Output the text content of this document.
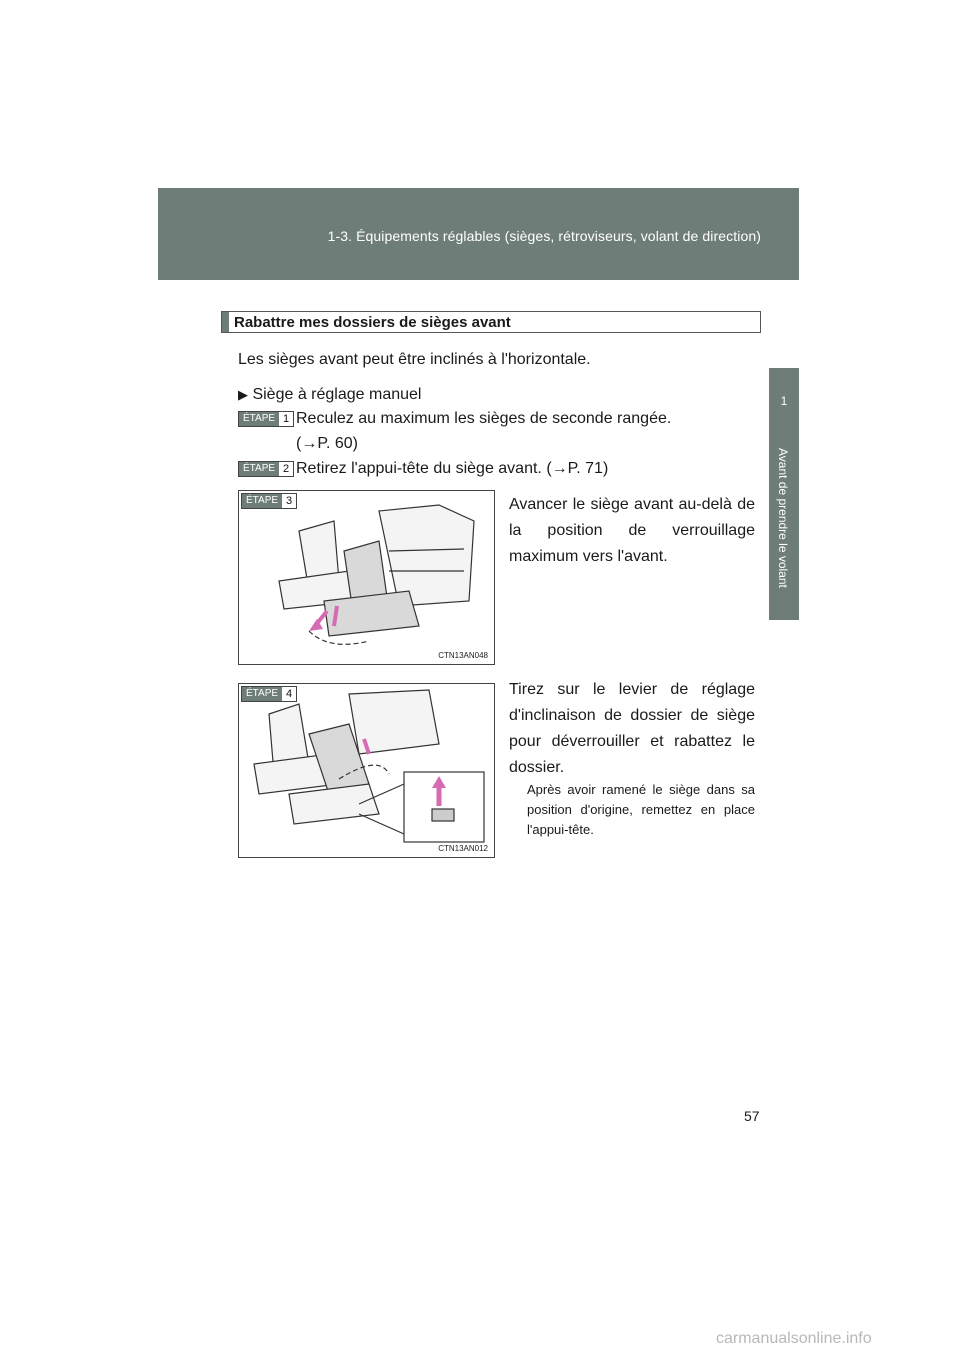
1-3. Équipements réglables (sièges, rétroviseurs, volant de direction)
1
Avant de prendre le volant
Rabattre mes dossiers de sièges avant
Les sièges avant peut être inclinés à l'horizontale.
▶ Siège à réglage manuel
ÉTAPE 1 Reculez au maximum les sièges de seconde rangée.
(→P. 60)
ÉTAPE 2 Retirez l'appui-tête du siège avant. (→P. 71)
ÉTAPE 3
CTN13AN048
Avancer le siège avant au-delà de la position de verrouillage maximum vers l'avant.
ÉTAPE 4
CTN13AN012
Tirez sur le levier de réglage d'inclinaison de dossier de siège pour déverrouiller et rabattez le dossier.
Après avoir ramené le siège dans sa position d'origine, remettez en place l'appui-tête.
57
carmanualsonline.info
